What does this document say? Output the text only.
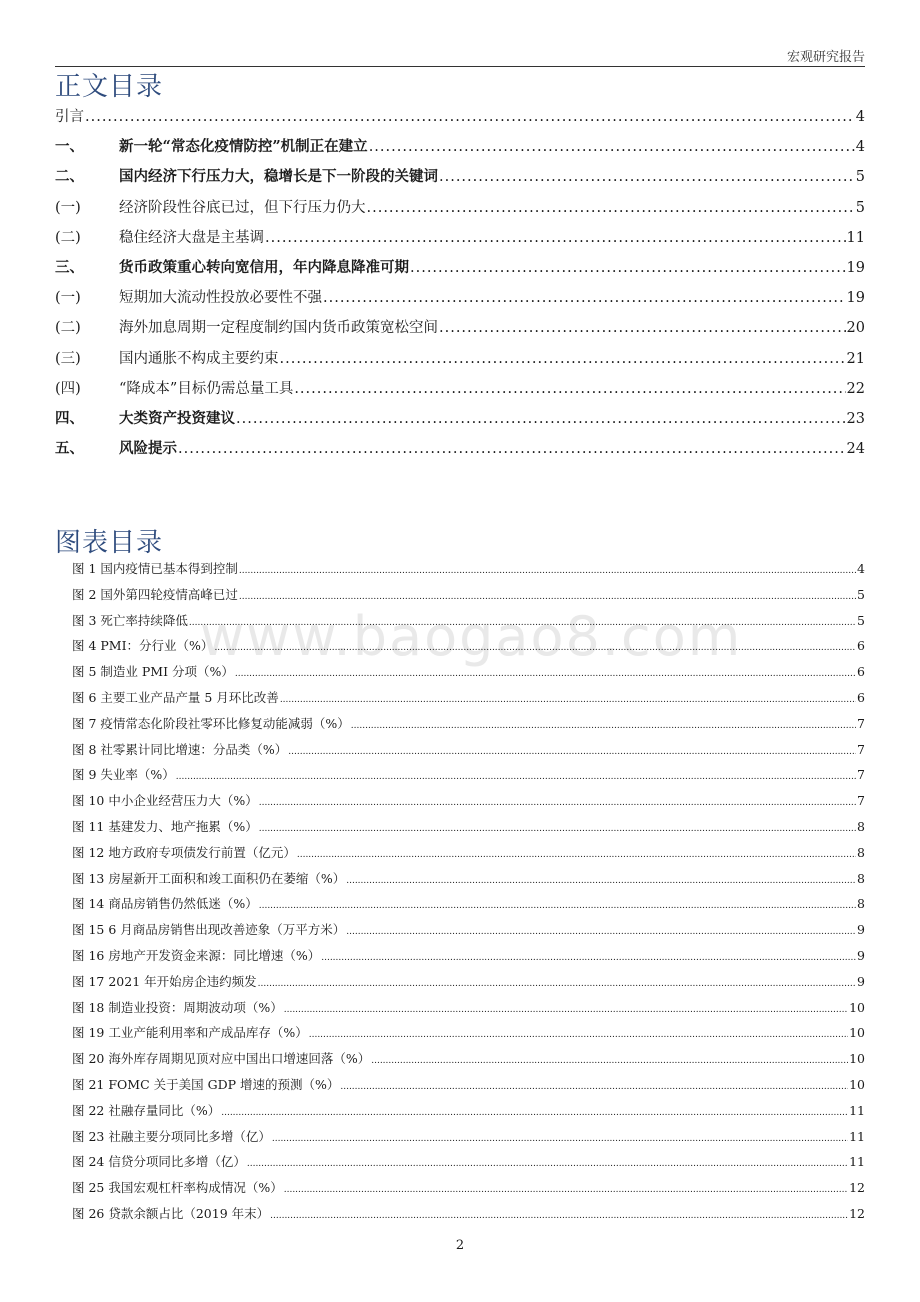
宏观研究报告
正文目录
引言 .....	4
一、	新一轮“常态化疫情防控”机制正在建立 .....	4
二、	国内经济下行压力大，稳增长是下一阶段的关键词 .....	5
(一)	经济阶段性谷底已过，但下行压力仍大 .....	5
(二)	稳住经济大盘是主基调 .....	11
三、	货币政策重心转向宽信用，年内降息降准可期 .....	19
(一)	短期加大流动性投放必要性不强 .....	19
(二)	海外加息周期一定程度制约国内货币政策宽松空间 .....	20
(三)	国内通胀不构成主要约束 .....	21
(四)	“降成本”目标仍需总量工具 .....	22
四、	大类资产投资建议 .....	23
五、	风险提示 .....	24
www.baogao8.com
图表目录
图 1 国内疫情已基本得到控制 .....	4
图 2 国外第四轮疫情高峰已过 .....	5
图 3 死亡率持续降低 .....	5
图 4 PMI：分行业（%） .....	6
图 5 制造业 PMI 分项（%） .....	6
图 6 主要工业产品产量 5 月环比改善 .....	6
图 7 疫情常态化阶段社零环比修复动能减弱（%） .....	7
图 8 社零累计同比增速：分品类（%） .....	7
图 9 失业率（%） .....	7
图 10 中小企业经营压力大（%） .....	7
图 11 基建发力、地产拖累（%） .....	8
图 12 地方政府专项债发行前置（亿元） .....	8
图 13 房屋新开工面积和竣工面积仍在萎缩（%） .....	8
图 14 商品房销售仍然低迷（%） .....	8
图 15 6 月商品房销售出现改善迹象（万平方米） .....	9
图 16 房地产开发资金来源：同比增速（%） .....	9
图 17 2021 年开始房企违约频发 .....	9
图 18 制造业投资：周期波动项（%） .....	10
图 19 工业产能利用率和产成品库存（%） .....	10
图 20 海外库存周期见顶对应中国出口增速回落（%） .....	10
图 21 FOMC 关于美国 GDP 增速的预测（%） .....	10
图 22 社融存量同比（%） .....	11
图 23 社融主要分项同比多增（亿） .....	11
图 24 信贷分项同比多增（亿） .....	11
图 25 我国宏观杠杆率构成情况（%） .....	12
图 26 贷款余额占比（2019 年末） .....	12
2
